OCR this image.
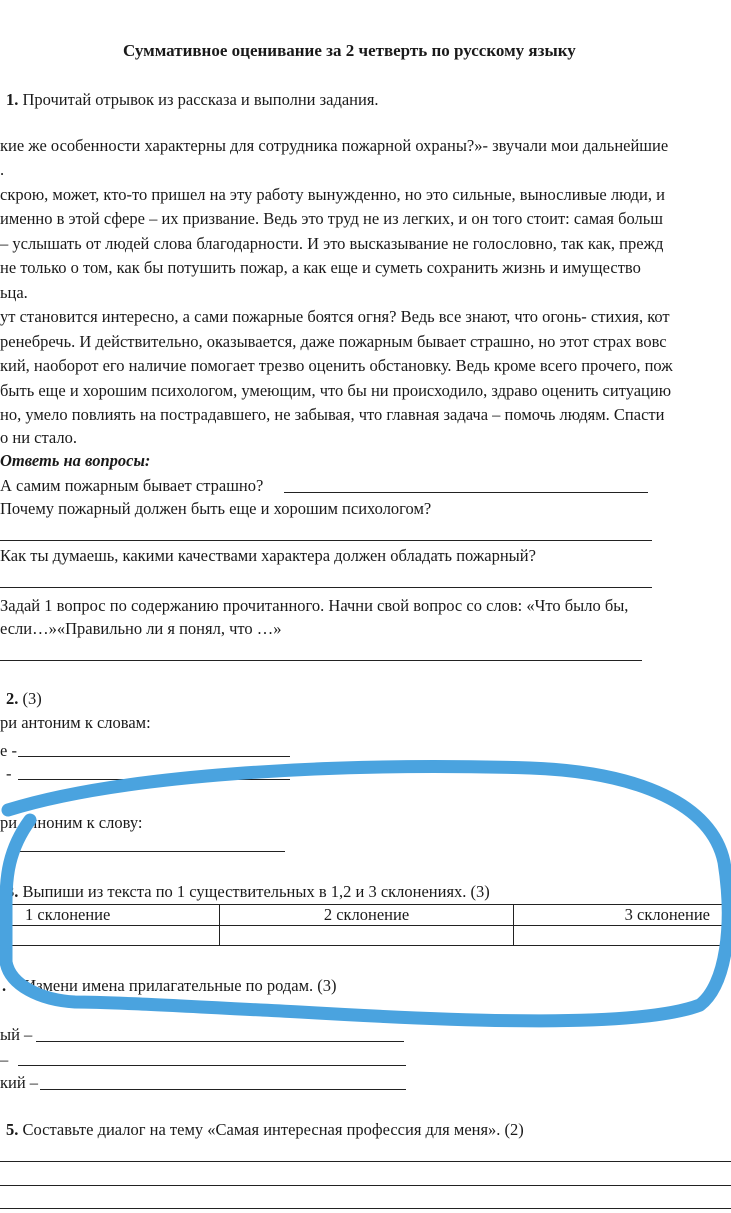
Суммативное оценивание за 2 четверть по русскому языку
1. Прочитай отрывок из рассказа и выполни задания.
кие же особенности характерны для сотрудника пожарной охраны?»- звучали мои дальнейшие
.
скрою, может, кто-то пришел на эту работу вынужденно, но это сильные, выносливые люди, и
именно в этой сфере – их призвание. Ведь это труд не из легких, и он того стоит: самая больш
– услышать от людей слова благодарности. И это высказывание не голословно, так как, прежд
не только о том, как бы потушить пожар, а как еще и суметь сохранить жизнь и имущество
ьца.
ут становится интересно, а сами пожарные боятся огня? Ведь все знают, что огонь- стихия, кот
ренебречь. И действительно, оказывается, даже пожарным бывает страшно, но этот страх вовс
кий, наоборот его наличие помогает трезво оценить обстановку. Ведь кроме всего прочего, пож
быть еще и хорошим психологом, умеющим, что бы ни происходило, здраво оценить ситуацию
но, умело повлиять на пострадавшего, не забывая, что главная задача – помочь людям. Спасти
о ни стало.
Ответь на вопросы:
А самим пожарным бывает страшно?
Почему пожарный должен быть еще и хорошим психологом?
Как ты думаешь, какими качествами характера должен обладать пожарный?
Задай 1 вопрос по содержанию прочитанного. Начни свой вопрос со слов: «Что было бы,
если…»«Правильно ли я понял, что …»
2. (3)
ри антоним к словам:
е -
-
ри синоним к слову:
3. Выпиши из текста по 1 существительных в 1,2 и 3 склонениях. (3)
1 склонение	2 склонение	3 склонение

. Измени имена прилагательные по родам. (3)
ый –
–
кий –
5. Составьте диалог на тему «Самая интересная профессия для меня». (2)
